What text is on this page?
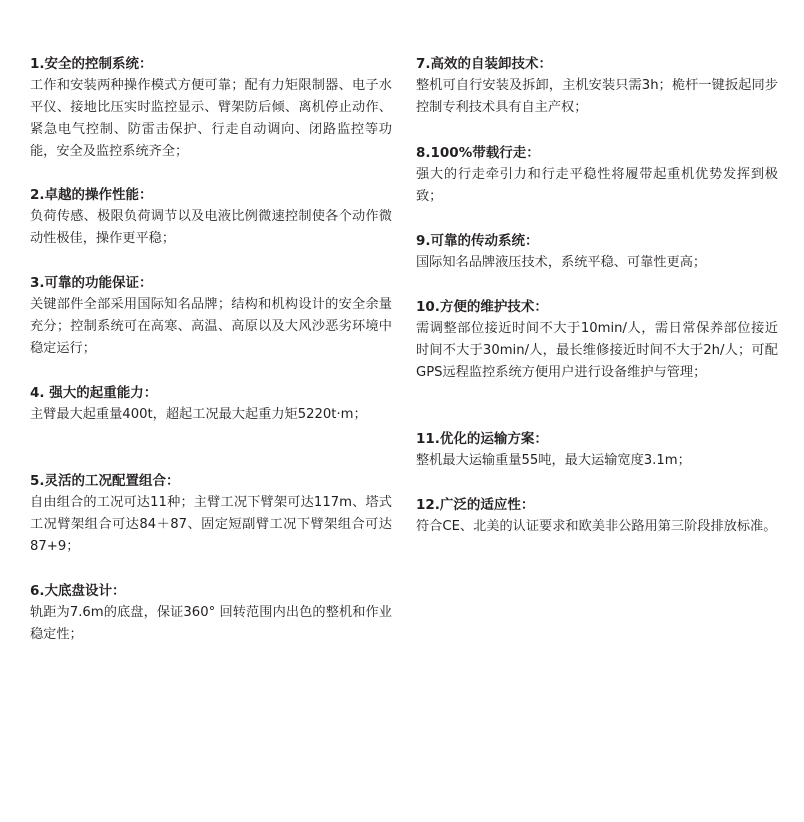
1.安全的控制系统：
工作和安装两种操作模式方便可靠；配有力矩限制器、电子水平仪、接地比压实时监控显示、臂架防后倾、离机停止动作、紧急电气控制、防雷击保护、行走自动调向、闭路监控等功能，安全及监控系统齐全；
2.卓越的操作性能：
负荷传感、极限负荷调节以及电液比例微速控制使各个动作微动性极佳，操作更平稳；
3.可靠的功能保证：
关键部件全部采用国际知名品牌；结构和机构设计的安全余量充分；控制系统可在高寒、高温、高原以及大风沙恶劣环境中稳定运行；
4. 强大的起重能力：
主臂最大起重量400t，超起工况最大起重力矩5220t·m；
5.灵活的工况配置组合：
自由组合的工况可达11种；主臂工况下臂架可达117m、塔式工况臂架组合可达84＋87、固定短副臂工况下臂架组合可达87+9；
6.大底盘设计：
轨距为7.6m的底盘，保证360° 回转范围内出色的整机和作业稳定性；
7.高效的自装卸技术：
整机可自行安装及拆卸，主机安装只需3h；桅杆一键扳起同步控制专利技术具有自主产权；
8.100%带载行走：
强大的行走牵引力和行走平稳性将履带起重机优势发挥到极致；
9.可靠的传动系统：
国际知名品牌液压技术，系统平稳、可靠性更高；
10.方便的维护技术：
需调整部位接近时间不大于10min/人，需日常保养部位接近时间不大于30min/人，最长维修接近时间不大于2h/人；可配GPS远程监控系统方便用户进行设备维护与管理；
11.优化的运输方案：
整机最大运输重量55吨，最大运输宽度3.1m；
12.广泛的适应性：
符合CE、北美的认证要求和欧美非公路用第三阶段排放标准。
